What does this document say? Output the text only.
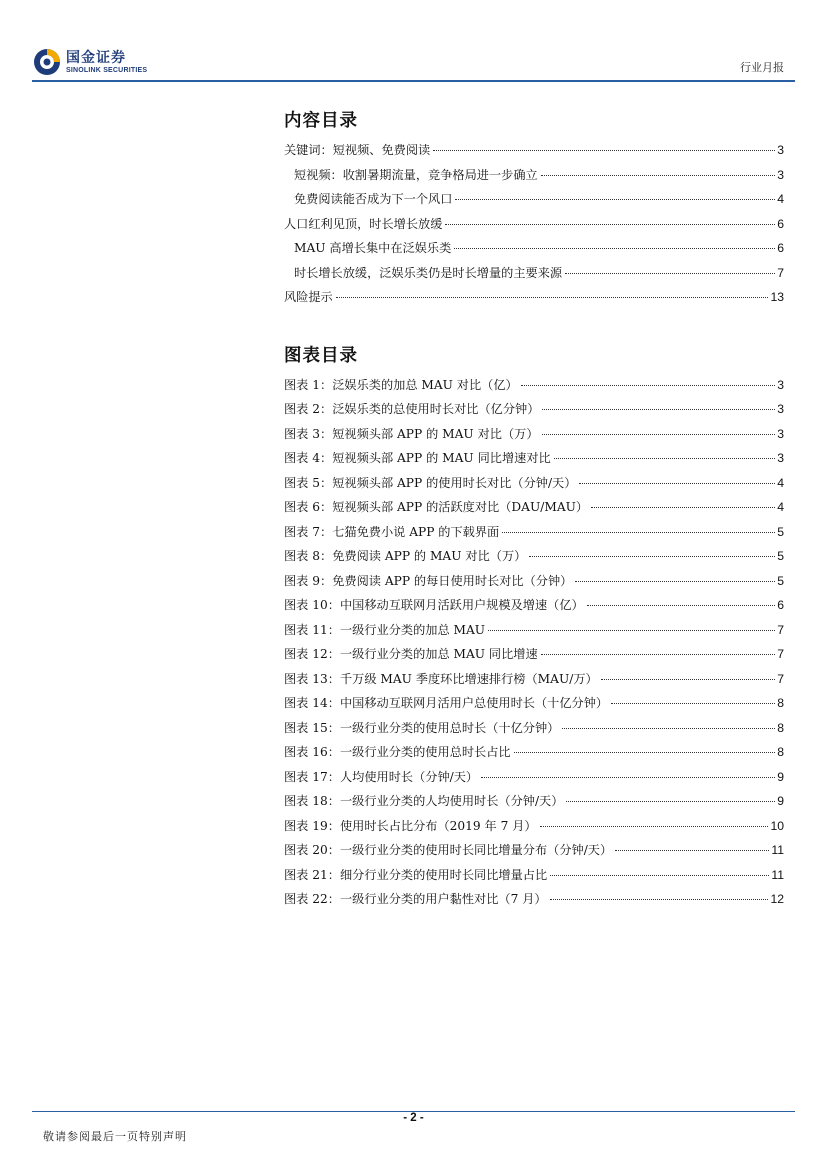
国金证券
SINOLINK SECURITIES	行业月报
内容目录
关键词：短视频、免费阅读	3
短视频：收割暑期流量，竞争格局进一步确立	3
免费阅读能否成为下一个风口	4
人口红利见顶，时长增长放缓	6
MAU 高增长集中在泛娱乐类	6
时长增长放缓，泛娱乐类仍是时长增量的主要来源	7
风险提示	13
图表目录
图表 1：泛娱乐类的加总 MAU 对比（亿）	3
图表 2：泛娱乐类的总使用时长对比（亿分钟）	3
图表 3：短视频头部 APP 的 MAU 对比（万）	3
图表 4：短视频头部 APP 的 MAU 同比增速对比	3
图表 5：短视频头部 APP 的使用时长对比（分钟/天）	4
图表 6：短视频头部 APP 的活跃度对比（DAU/MAU）	4
图表 7：七猫免费小说 APP 的下载界面	5
图表 8：免费阅读 APP 的 MAU 对比（万）	5
图表 9：免费阅读 APP 的每日使用时长对比（分钟）	5
图表 10：中国移动互联网月活跃用户规模及增速（亿）	6
图表 11：一级行业分类的加总 MAU	7
图表 12：一级行业分类的加总 MAU 同比增速	7
图表 13：千万级 MAU 季度环比增速排行榜（MAU/万）	7
图表 14：中国移动互联网月活用户总使用时长（十亿分钟）	8
图表 15：一级行业分类的使用总时长（十亿分钟）	8
图表 16：一级行业分类的使用总时长占比	8
图表 17：人均使用时长（分钟/天）	9
图表 18：一级行业分类的人均使用时长（分钟/天）	9
图表 19：使用时长占比分布（2019 年 7 月）	10
图表 20：一级行业分类的使用时长同比增量分布（分钟/天）	11
图表 21：细分行业分类的使用时长同比增量占比	11
图表 22：一级行业分类的用户黏性对比（7 月）	12
- 2 -
敬请参阅最后一页特别声明
